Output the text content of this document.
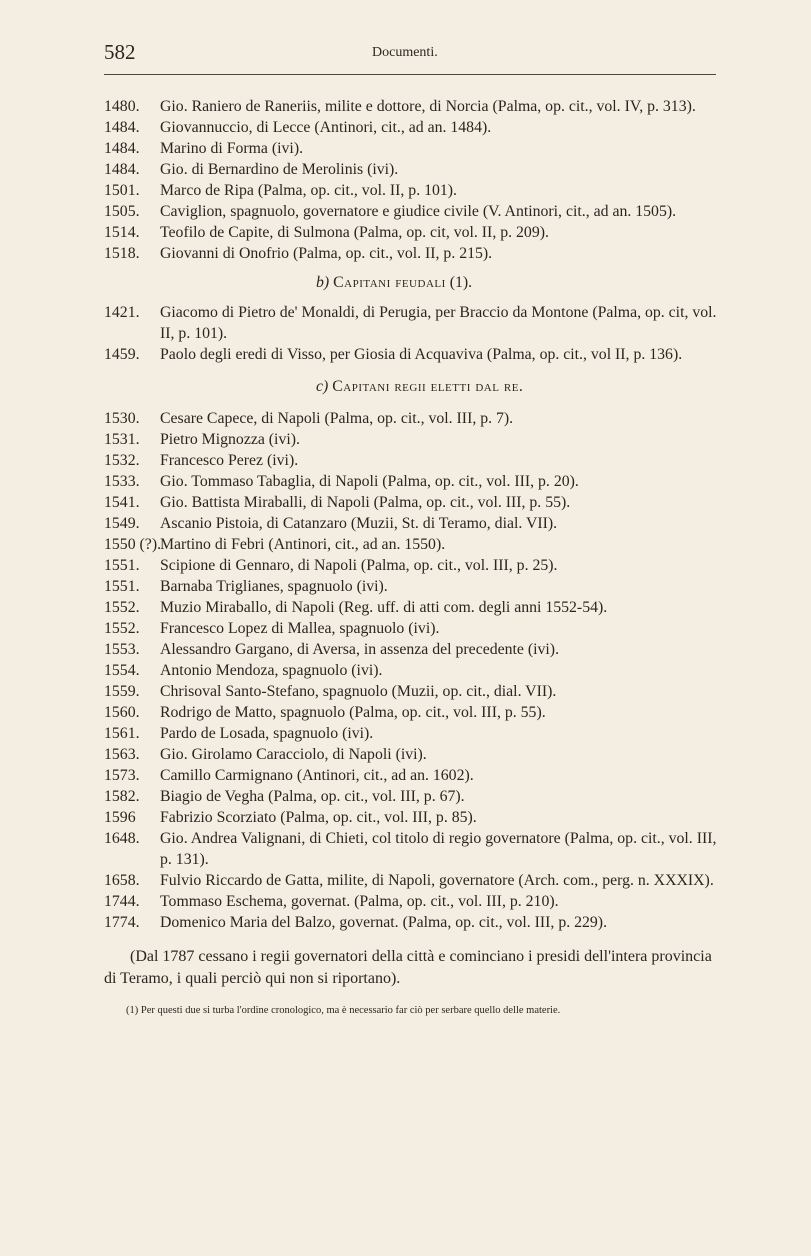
582	Documenti.
1480. Gio. Raniero de Raneriis, milite e dottore, di Norcia (Palma, op. cit., vol. IV, p. 313).
1484. Giovannuccio, di Lecce (Antinori, cit., ad an. 1484).
1484. Marino di Forma (ivi).
1484. Gio. di Bernardino de Merolinis (ivi).
1501. Marco de Ripa (Palma, op. cit., vol. II, p. 101).
1505. Caviglion, spagnuolo, governatore e giudice civile (V. Antinori, cit., ad an. 1505).
1514. Teofilo de Capite, di Sulmona (Palma, op. cit, vol. II, p. 209).
1518. Giovanni di Onofrio (Palma, op. cit., vol. II, p. 215).
b) Capitani feudali (1).
1421. Giacomo di Pietro de' Monaldi, di Perugia, per Braccio da Montone (Palma, op. cit, vol. II, p. 101).
1459. Paolo degli eredi di Visso, per Giosia di Acquaviva (Palma, op. cit., vol II, p. 136).
c) Capitani regii eletti dal re.
1530. Cesare Capece, di Napoli (Palma, op. cit., vol. III, p. 7).
1531. Pietro Mignozza (ivi).
1532. Francesco Perez (ivi).
1533. Gio. Tommaso Tabaglia, di Napoli (Palma, op. cit., vol. III, p. 20).
1541. Gio. Battista Miraballi, di Napoli (Palma, op. cit., vol. III, p. 55).
1549. Ascanio Pistoia, di Catanzaro (Muzii, St. di Teramo, dial. VII).
1550 (?).
Martino di Febri (Antinori, cit., ad an. 1550).
1551. Scipione di Gennaro, di Napoli (Palma, op. cit., vol. III, p. 25).
1551. Barnaba Triglianes, spagnuolo (ivi).
1552. Muzio Miraballo, di Napoli (Reg. uff. di atti com. degli anni 1552-54).
1552. Francesco Lopez di Mallea, spagnuolo (ivi).
1553. Alessandro Gargano, di Aversa, in assenza del precedente (ivi).
1554. Antonio Mendoza, spagnuolo (ivi).
1559. Chrisoval Santo-Stefano, spagnuolo (Muzii, op. cit., dial. VII).
1560. Rodrigo de Matto, spagnuolo (Palma, op. cit., vol. III, p. 55).
1561. Pardo de Losada, spagnuolo (ivi).
1563. Gio. Girolamo Caracciolo, di Napoli (ivi).
1573. Camillo Carmignano (Antinori, cit., ad an. 1602).
1582. Biagio de Vegha (Palma, op. cit., vol. III, p. 67).
1596 Fabrizio Scorziato (Palma, op. cit., vol. III, p. 85).
1648. Gio. Andrea Valignani, di Chieti, col titolo di regio governatore (Palma, op. cit., vol. III, p. 131).
1658. Fulvio Riccardo de Gatta, milite, di Napoli, governatore (Arch. com., perg. n. XXXIX).
1744. Tommaso Eschema, governat. (Palma, op. cit., vol. III, p. 210).
1774. Domenico Maria del Balzo, governat. (Palma, op. cit., vol. III, p. 229).
(Dal 1787 cessano i regii governatori della città e cominciano i presidi dell'intera provincia di Teramo, i quali perciò qui non si riportano).
(1) Per questi due si turba l'ordine cronologico, ma è necessario far ciò per serbare quello delle materie.
